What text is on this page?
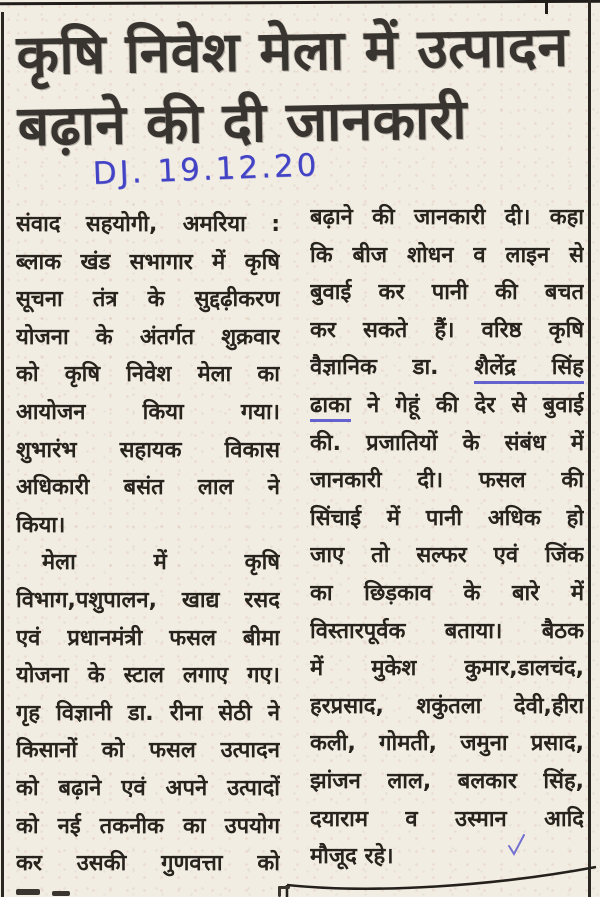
कृषि निवेश मेला में उत्पादन
बढ़ाने की दी जानकारी
DJ. 19.12.20
संवाद सहयोगी, अमरिया :
ब्लाक खंड सभागार में कृषि
सूचना तंत्र के सुद्दढ़ीकरण
योजना के अंतर्गत शुक्रवार
को कृषि निवेश मेला का
आयोजन किया गया।
शुभारंभ सहायक विकास
अधिकारी बसंत लाल ने
किया।
मेला में कृषि
विभाग,पशुपालन, खाद्य रसद
एवं प्रधानमंत्री फसल बीमा
योजना के स्टाल लगाए गए।
गृह विज्ञानी डा. रीना सेठी ने
किसानों को फसल उत्पादन
को बढ़ाने एवं अपने उत्पादों
को नई तकनीक का उपयोग
कर उसकी गुणवत्ता को
बढ़ाने की जानकारी दी। कहा
कि बीज शोधन व लाइन से
बुवाई कर पानी की बचत
कर सकते हैं। वरिष्ठ कृषि
वैज्ञानिक डा. शैलेंद्र सिंह
ढाका ने गेहूं की देर से बुवाई
की. प्रजातियों के संबंध में
जानकारी दी। फसल की
सिंचाई में पानी अधिक हो
जाए तो सल्फर एवं जिंक
का छिड़काव के बारे में
विस्तारपूर्वक बताया। बैठक
में मुकेश कुमार,डालचंद,
हरप्रसाद, शकुंतला देवी,हीरा
कली, गोमती, जमुना प्रसाद,
झांजन लाल, बलकार सिंह,
दयाराम व उस्मान आदि
मौजूद रहे।
